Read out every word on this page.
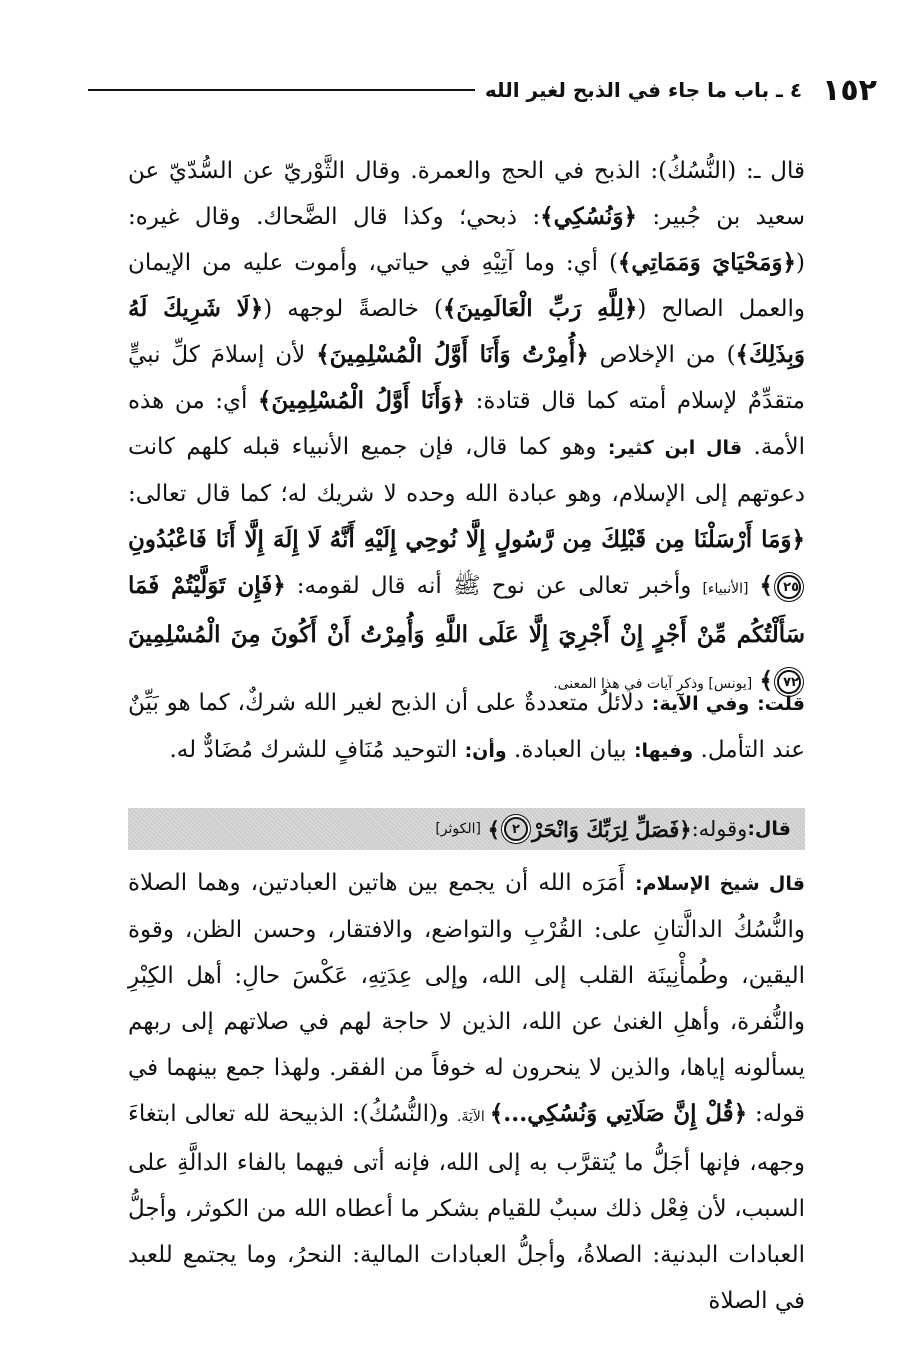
١٥٢
٤ ـ باب ما جاء في الذبح لغير الله

قال ـ: (النُّسُكُ): الذبح في الحج والعمرة. وقال الثَّوْريّ عن السُّدّيّ عن سعيد بن جُبير: ﴿وَنُسُكِي﴾: ذبحي؛ وكذا قال الضَّحاك. وقال غيره: (﴿وَمَحْيَايَ وَمَمَاتِي﴾) أي: وما آتِيْهِ في حياتي، وأموت عليه من الإيمان والعمل الصالح (﴿لِلَّهِ رَبِّ الْعَالَمِينَ﴾) خالصةً لوجهه (﴿لَا شَرِيكَ لَهُ وَبِذَلِكَ﴾) من الإخلاص ﴿أُمِرْتُ وَأَنَا أَوَّلُ الْمُسْلِمِينَ﴾ لأن إسلامَ كلِّ نبيٍّ متقدِّمٌ لإسلام أمته كما قال قتادة: ﴿وَأَنَا أَوَّلُ الْمُسْلِمِينَ﴾ أي: من هذه الأمة. قال ابن كثير: وهو كما قال، فإن جميع الأنبياء قبله كلهم كانت دعوتهم إلى الإسلام، وهو عبادة الله وحده لا شريك له؛ كما قال تعالى: ﴿وَمَا أَرْسَلْنَا مِن قَبْلِكَ مِن رَّسُولٍ إِلَّا نُوحِي إِلَيْهِ أَنَّهُ لَا إِلَهَ إِلَّا أَنَا فَاعْبُدُونِ٢٥﴾ [الأنبياء] وأخبر تعالى عن نوح ﷺ أنه قال لقومه: ﴿فَإِن تَوَلَّيْتُمْ فَمَا سَأَلْتُكُم مِّنْ أَجْرٍ إِنْ أَجْرِيَ إِلَّا عَلَى اللَّهِ وَأُمِرْتُ أَنْ أَكُونَ مِنَ الْمُسْلِمِينَ٧٢﴾ [يونس] وذكر آيات في هذا المعنى.

قلت: وفي الآية: دلائلُ متعددةٌ على أن الذبح لغير الله شركٌ، كما هو بَيِّنٌ عند التأمل. وفيها: بيان العبادة. وأن: التوحيد مُنَافٍ للشرك مُضَادٌّ له.

قال:
وقوله:
﴿فَصَلِّ لِرَبِّكَ وَانْحَرْ
٢
﴾

[الكوثر]

قال شيخ الإسلام: أَمَرَه الله أن يجمع بين هاتين العبادتين، وهما الصلاة والنُّسُكُ الدالَّتانِ على: القُرْبِ والتواضع، والافتقار، وحسن الظن، وقوة اليقين، وطُمأْنِينَة القلب إلى الله، وإلى عِدَتِهِ، عَكْسَ حالِ: أهل الكِبْرِ والنُّفرة، وأهلِ الغنىٰ عن الله، الذين لا حاجة لهم في صلاتهم إلى ربهم يسألونه إياها، والذين لا ينحرون له خوفاً من الفقر. ولهذا جمع بينهما في قوله: ﴿قُلْ إِنَّ صَلَاتِي وَنُسُكِي...﴾ الآيَةَ. و(النُّسُكُ): الذبيحة لله تعالى ابتغاءَ وجهه، فإنها أجَلُّ ما يُتقرَّب به إلى الله، فإنه أتى فيهما بالفاء الدالَّةِ على السبب، لأن فِعْل ذلك سببٌ للقيام بشكر ما أعطاه الله من الكوثر، وأجلُّ العبادات البدنية: الصلاةُ، وأجلُّ العبادات المالية: النحرُ، وما يجتمع للعبد في الصلاة
